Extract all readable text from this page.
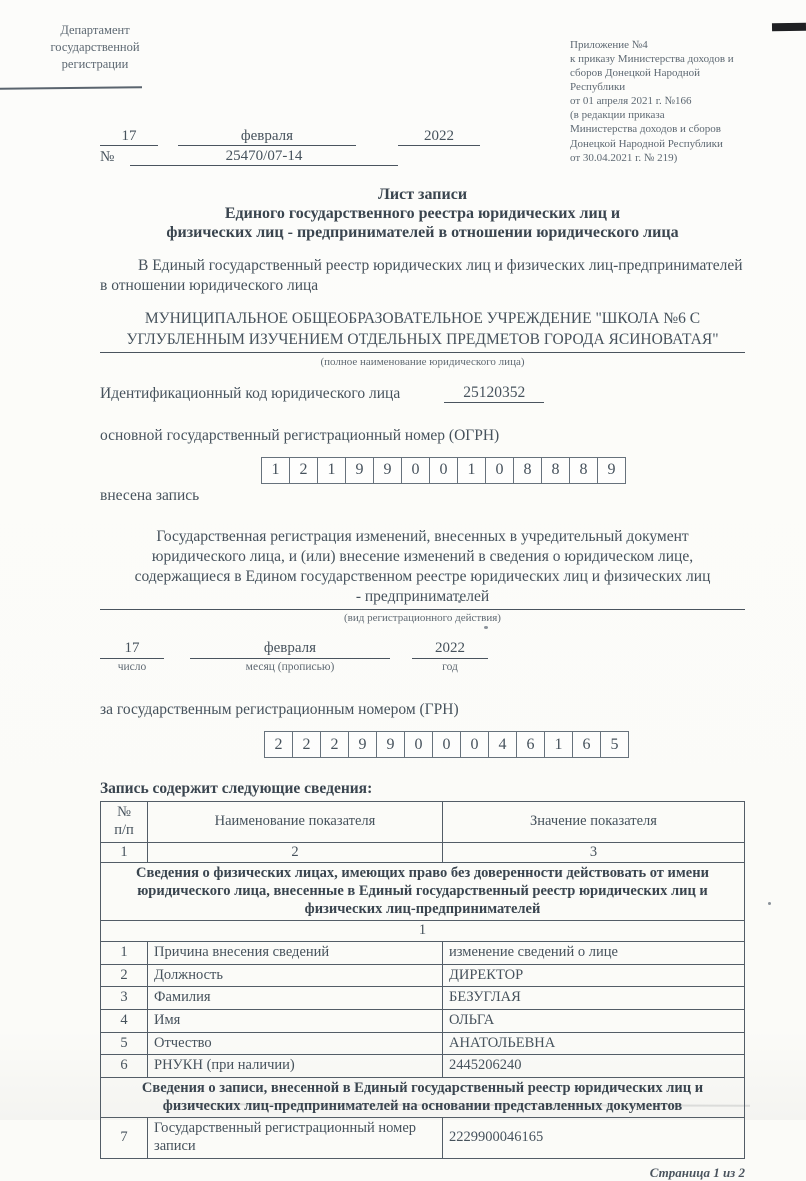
Департамент
государственной
регистрации
Приложение №4
к приказу Министерства доходов и
сборов Донецкой Народной
Республики
от 01 апреля 2021 г. №166
(в редакции приказа
Министерства доходов и сборов
Донецкой Народной Республики
от 30.04.2021 г. № 219)
17	февраля	2022
№	25470/07-14
Лист записи
Единого государственного реестра юридических лиц и
физических лиц - предпринимателей в отношении юридического лица
В Единый государственный реестр юридических лиц и физических лиц-предпринимателей в отношении юридического лица
МУНИЦИПАЛЬНОЕ ОБЩЕОБРАЗОВАТЕЛЬНОЕ УЧРЕЖДЕНИЕ "ШКОЛА №6 С
УГЛУБЛЕННЫМ ИЗУЧЕНИЕМ ОТДЕЛЬНЫХ ПРЕДМЕТОВ ГОРОДА ЯСИНОВАТАЯ"
(полное наименование юридического лица)
Идентификационный код юридического лица	25120352
основной государственный регистрационный номер (ОГРН)
1	2	1	9	9	0	0	1	0	8	8	8	9
внесена запись
Государственная регистрация изменений, внесенных в учредительный документ
юридического лица, и (или) внесение изменений в сведения о юридическом лице,
содержащиеся в Едином государственном реестре юридических лиц и физических лиц
- предпринимателей
(вид регистрационного действия)
17
число
февраля
месяц (прописью)
2022
год
за государственным регистрационным номером (ГРН)
2	2	2	9	9	0	0	0	4	6	1	6	5
Запись содержит следующие сведения:
№
п/п	Наименование показателя	Значение показателя
1	2	3
Сведения о физических лицах, имеющих право без доверенности действовать от имени юридического лица, внесенные в Единый государственный реестр юридических лиц и физических лиц-предпринимателей		
1		
1	Причина внесения сведений	изменение сведений о лице
2	Должность	ДИРЕКТОР
3	Фамилия	БЕЗУГЛАЯ
4	Имя	ОЛЬГА
5	Отчество	АНАТОЛЬЕВНА
6	РНУКН (при наличии)	2445206240
Сведения о записи, внесенной в Единый государственный реестр юридических лиц и физических лиц-предпринимателей на основании представленных документов		
7	Государственный регистрационный номер записи	2229900046165
Страница 1 из 2
